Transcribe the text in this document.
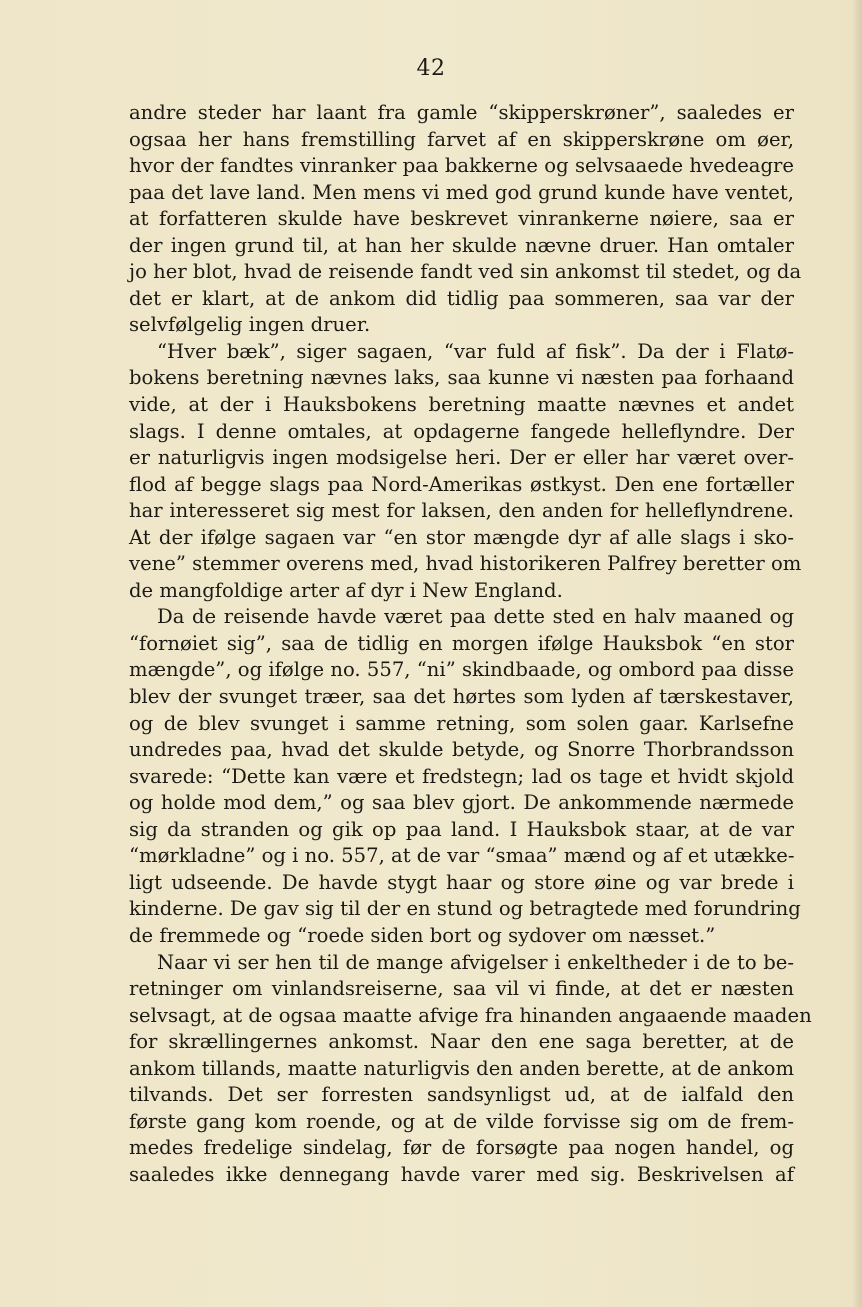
42
andre steder har laant fra gamle “skipperskrøner”, saaledes er
ogsaa her hans fremstilling farvet af en skipperskrøne om øer,
hvor der fandtes vinranker paa bakkerne og selvsaaede hvedeagre
paa det lave land. Men mens vi med god grund kunde have ventet,
at forfatteren skulde have beskrevet vinrankerne nøiere, saa er
der ingen grund til, at han her skulde nævne druer. Han omtaler
jo her blot, hvad de reisende fandt ved sin ankomst til stedet, og da
det er klart, at de ankom did tidlig paa sommeren, saa var der
selvfølgelig ingen druer.
“Hver bæk”, siger sagaen, “var fuld af fisk”. Da der i Flatø-
bokens beretning nævnes laks, saa kunne vi næsten paa forhaand
vide, at der i Hauksbokens beretning maatte nævnes et andet
slags. I denne omtales, at opdagerne fangede helleflyndre. Der
er naturligvis ingen modsigelse heri. Der er eller har været over-
flod af begge slags paa Nord-Amerikas østkyst. Den ene fortæller
har interesseret sig mest for laksen, den anden for helleflyndrene.
At der ifølge sagaen var “en stor mængde dyr af alle slags i sko-
vene” stemmer overens med, hvad historikeren Palfrey beretter om
de mangfoldige arter af dyr i New England.
Da de reisende havde været paa dette sted en halv maaned og
“fornøiet sig”, saa de tidlig en morgen ifølge Hauksbok “en stor
mængde”, og ifølge no. 557, “ni” skindbaade, og ombord paa disse
blev der svunget træer, saa det hørtes som lyden af tærskestaver,
og de blev svunget i samme retning, som solen gaar. Karlsefne
undredes paa, hvad det skulde betyde, og Snorre Thorbrandsson
svarede: “Dette kan være et fredstegn; lad os tage et hvidt skjold
og holde mod dem,” og saa blev gjort. De ankommende nærmede
sig da stranden og gik op paa land. I Hauksbok staar, at de var
“mørkladne” og i no. 557, at de var “smaa” mænd og af et utække-
ligt udseende. De havde stygt haar og store øine og var brede i
kinderne. De gav sig til der en stund og betragtede med forundring
de fremmede og “roede siden bort og sydover om næsset.”
Naar vi ser hen til de mange afvigelser i enkeltheder i de to be-
retninger om vinlandsreiserne, saa vil vi finde, at det er næsten
selvsagt, at de ogsaa maatte afvige fra hinanden angaaende maaden
for skrællingernes ankomst. Naar den ene saga beretter, at de
ankom tillands, maatte naturligvis den anden berette, at de ankom
tilvands. Det ser forresten sandsynligst ud, at de ialfald den
første gang kom roende, og at de vilde forvisse sig om de frem-
medes fredelige sindelag, før de forsøgte paa nogen handel, og
saaledes ikke dennegang havde varer med sig. Beskrivelsen af
